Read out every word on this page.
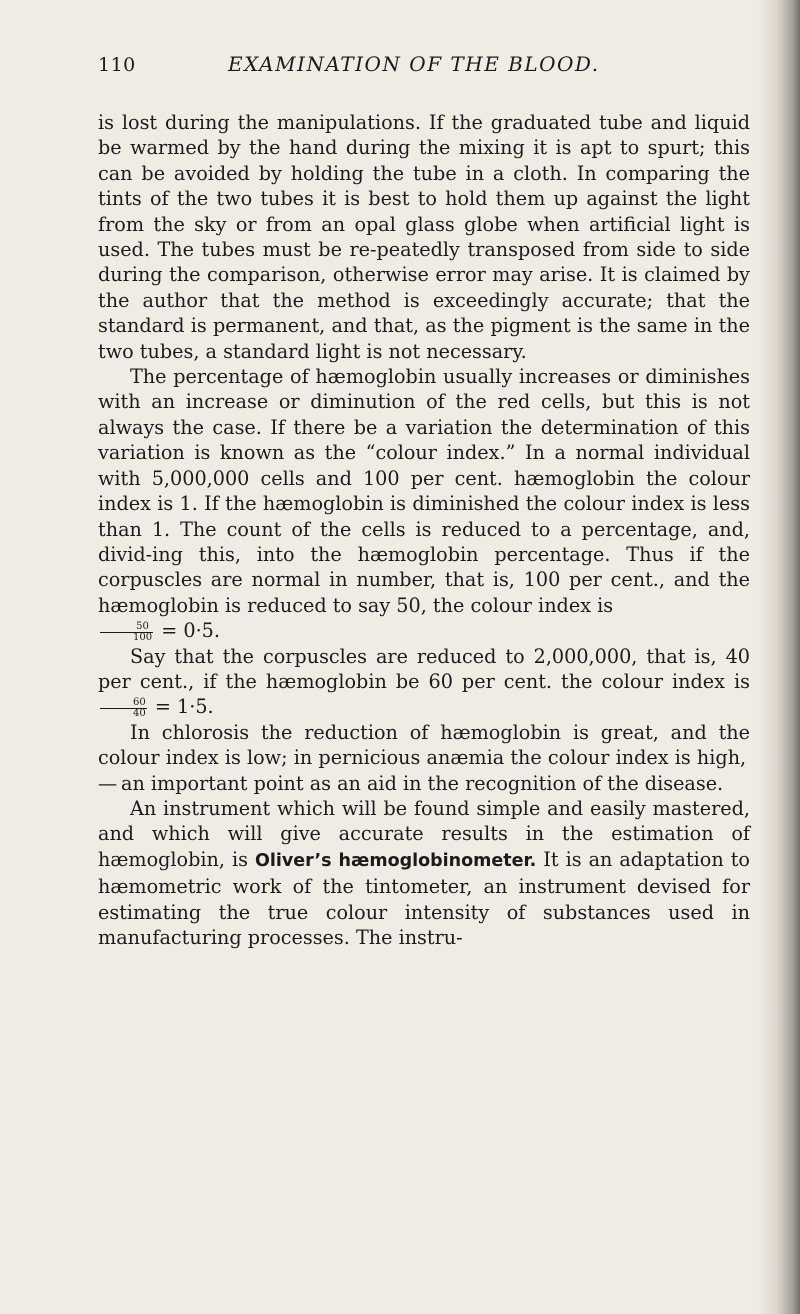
110	EXAMINATION OF THE BLOOD.

is lost during the manipulations. If the graduated tube and liquid be warmed by the hand during the mixing it is apt to spurt; this can be avoided by holding the tube in a cloth. In comparing the tints of the two tubes it is best to hold them up against the light from the sky or from an opal glass globe when artificial light is used. The tubes must be re-peatedly transposed from side to side during the comparison, otherwise error may arise. It is claimed by the author that the method is exceedingly accurate; that the standard is permanent, and that, as the pigment is the same in the two tubes, a standard light is not necessary.

The percentage of hæmoglobin usually increases or diminishes with an increase or diminution of the red cells, but this is not always the case. If there be a variation the determination of this variation is known as the “colour index.” In a normal individual with 5,000,000 cells and 100 per cent. hæmoglobin the colour index is 1. If the hæmoglobin is diminished the colour index is less than 1. The count of the cells is reduced to a percentage, and, divid-ing this, into the hæmoglobin percentage. Thus if the corpuscles are normal in number, that is, 100 per cent., and the hæmoglobin is reduced to say 50, the colour index is

$\frac{50}{100} = 0\cdot 5$.

Say that the corpuscles are reduced to 2,000,000, that is, 40 per cent., if the hæmoglobin be 60 per cent. the colour index is
$\frac{60}{40} = 1\cdot 5$.

In chlorosis the reduction of hæmoglobin is great, and the colour index is low; in pernicious anæmia the colour index is high, — an important point as an aid in the recognition of the disease.

An instrument which will be found simple and easily mastered, and which will give accurate results in the estimation of hæmoglobin, is Oliver’s hæmoglobinometer. It is an adaptation to hæmometric work of the tintometer, an instrument devised for estimating the true colour intensity of substances used in manufacturing processes. The instru-
